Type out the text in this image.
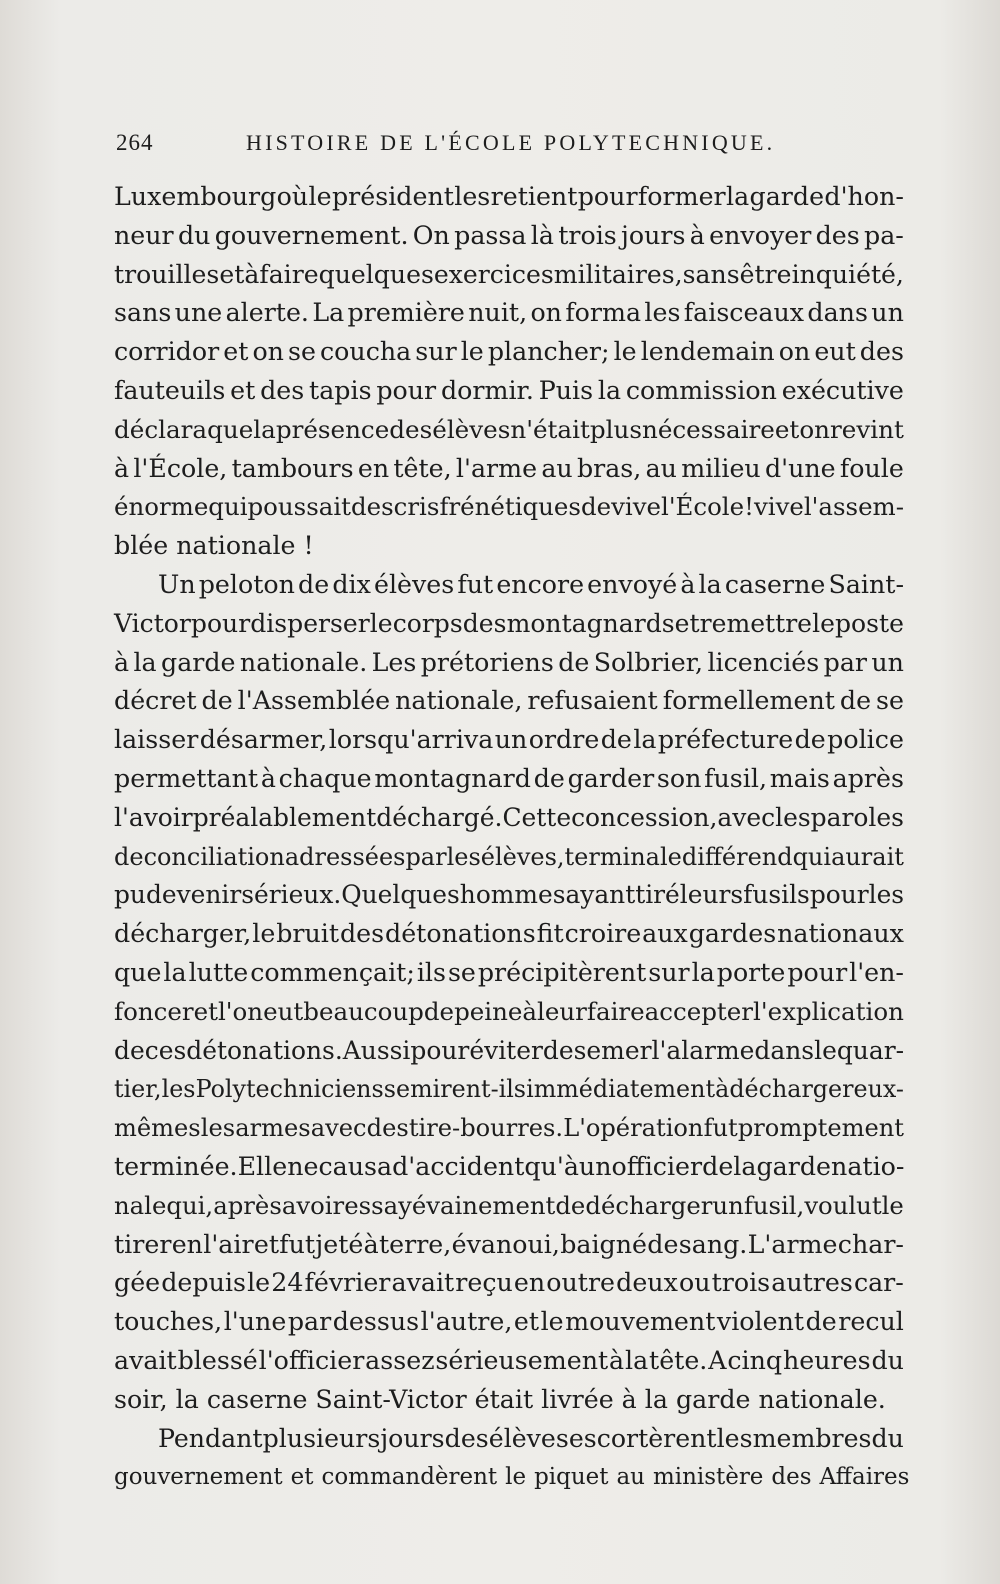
264	HISTOIRE DE L'ÉCOLE POLYTECHNIQUE.
Luxembourg où le président les retient pour former la garde d'hon-
neur du gouvernement. On passa là trois jours à envoyer des pa-
trouilles et à faire quelques exercices militaires, sans être inquiété,
sans une alerte. La première nuit, on forma les faisceaux dans un
corridor et on se coucha sur le plancher; le lendemain on eut des
fauteuils et des tapis pour dormir. Puis la commission exécutive
déclara que la présence des élèves n'était plus nécessaire et on revint
à l'École, tambours en tête, l'arme au bras, au milieu d'une foule
énorme qui poussait des cris frénétiques de vive l'École ! vive l'assem-
blée nationale !
Un peloton de dix élèves fut encore envoyé à la caserne Saint-
Victor pour disperser le corps des montagnards et remettre le poste
à la garde nationale. Les prétoriens de Solbrier, licenciés par un
décret de l'Assemblée nationale, refusaient formellement de se
laisser désarmer, lorsqu'arriva un ordre de la préfecture de police
permettant à chaque montagnard de garder son fusil, mais après
l'avoir préalablement déchargé. Cette concession, avec les paroles
de conciliation adressées par les élèves, termina le différend qui aurait
pu devenir sérieux. Quelques hommes ayant tiré leurs fusils pour les
décharger, le bruit des détonations fit croire aux gardes nationaux
que la lutte commençait; ils se précipitèrent sur la porte pour l'en-
foncer et l'on eut beaucoup de peine à leur faire accepter l'explication
de ces détonations. Aussi pour éviter de semer l'alarme dans le quar-
tier, les Polytechniciens se mirent-ils immédiatement à décharger eux-
mêmes les armes avec des tire-bourres. L'opération fut promptement
terminée. Elle ne causa d'accident qu'à un officier de la garde natio-
nale qui, après avoir essayé vainement de décharger un fusil, voulut le
tirer en l'air et fut jeté à terre, évanoui, baigné de sang. L'arme char-
gée depuis le 24 février avait reçu en outre deux ou trois autres car-
touches, l'une par dessus l'autre, et le mouvement violent de recul
avait blessé l'officier assez sérieusement à la tête. A cinq heures du
soir, la caserne Saint-Victor était livrée à la garde nationale.
Pendant plusieurs jours des élèves escortèrent les membres du
gouvernement et commandèrent le piquet au ministère des Affaires
